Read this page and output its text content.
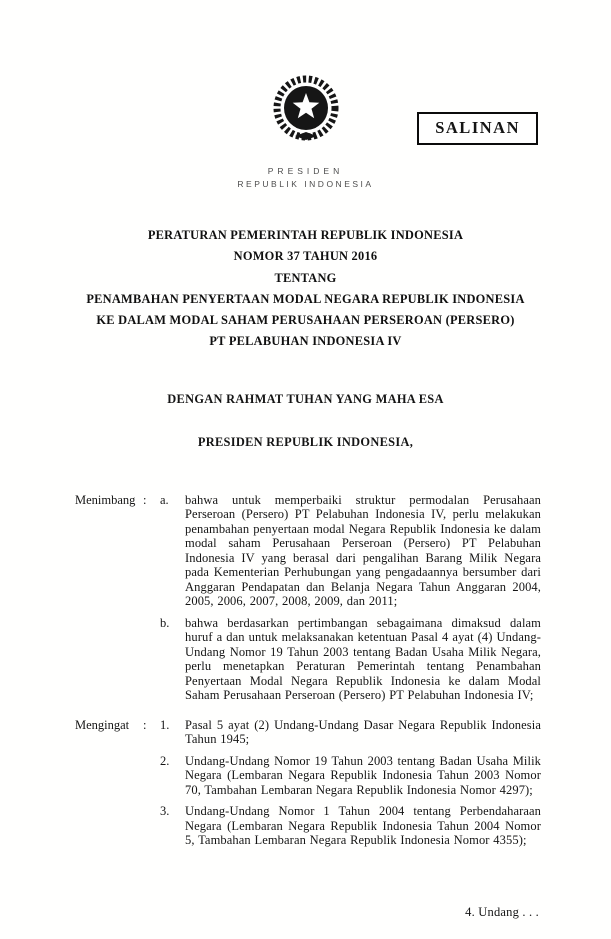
SALINAN
PRESIDEN
REPUBLIK INDONESIA
PERATURAN PEMERINTAH REPUBLIK INDONESIA
NOMOR 37 TAHUN 2016
TENTANG
PENAMBAHAN PENYERTAAN MODAL NEGARA REPUBLIK INDONESIA
KE DALAM MODAL SAHAM PERUSAHAAN PERSEROAN (PERSERO)
PT PELABUHAN INDONESIA IV
DENGAN RAHMAT TUHAN YANG MAHA ESA
PRESIDEN REPUBLIK INDONESIA,
Menimbang :	a.	bahwa untuk memperbaiki struktur permodalan Perusahaan Perseroan (Persero) PT Pelabuhan Indonesia IV, perlu melakukan penambahan penyertaan modal Negara Republik Indonesia ke dalam modal saham Perusahaan Perseroan (Persero) PT Pelabuhan Indonesia IV yang berasal dari pengalihan Barang Milik Negara pada Kementerian Perhubungan yang pengadaannya bersumber dari Anggaran Pendapatan dan Belanja Negara Tahun Anggaran 2004, 2005, 2006, 2007, 2008, 2009, dan 2011;
b.	bahwa berdasarkan pertimbangan sebagaimana dimaksud dalam huruf a dan untuk melaksanakan ketentuan Pasal 4 ayat (4) Undang-Undang Nomor 19 Tahun 2003 tentang Badan Usaha Milik Negara, perlu menetapkan Peraturan Pemerintah tentang Penambahan Penyertaan Modal Negara Republik Indonesia ke dalam Modal Saham Perusahaan Perseroan (Persero) PT Pelabuhan Indonesia IV;
Mengingat	:	1.	Pasal 5 ayat (2) Undang-Undang Dasar Negara Republik Indonesia Tahun 1945;
2.	Undang-Undang Nomor 19 Tahun 2003 tentang Badan Usaha Milik Negara (Lembaran Negara Republik Indonesia Tahun 2003 Nomor 70, Tambahan Lembaran Negara Republik Indonesia Nomor 4297);
3.	Undang-Undang Nomor 1 Tahun 2004 tentang Perbendaharaan Negara (Lembaran Negara Republik Indonesia Tahun 2004 Nomor 5, Tambahan Lembaran Negara Republik Indonesia Nomor 4355);
4. Undang . . .
